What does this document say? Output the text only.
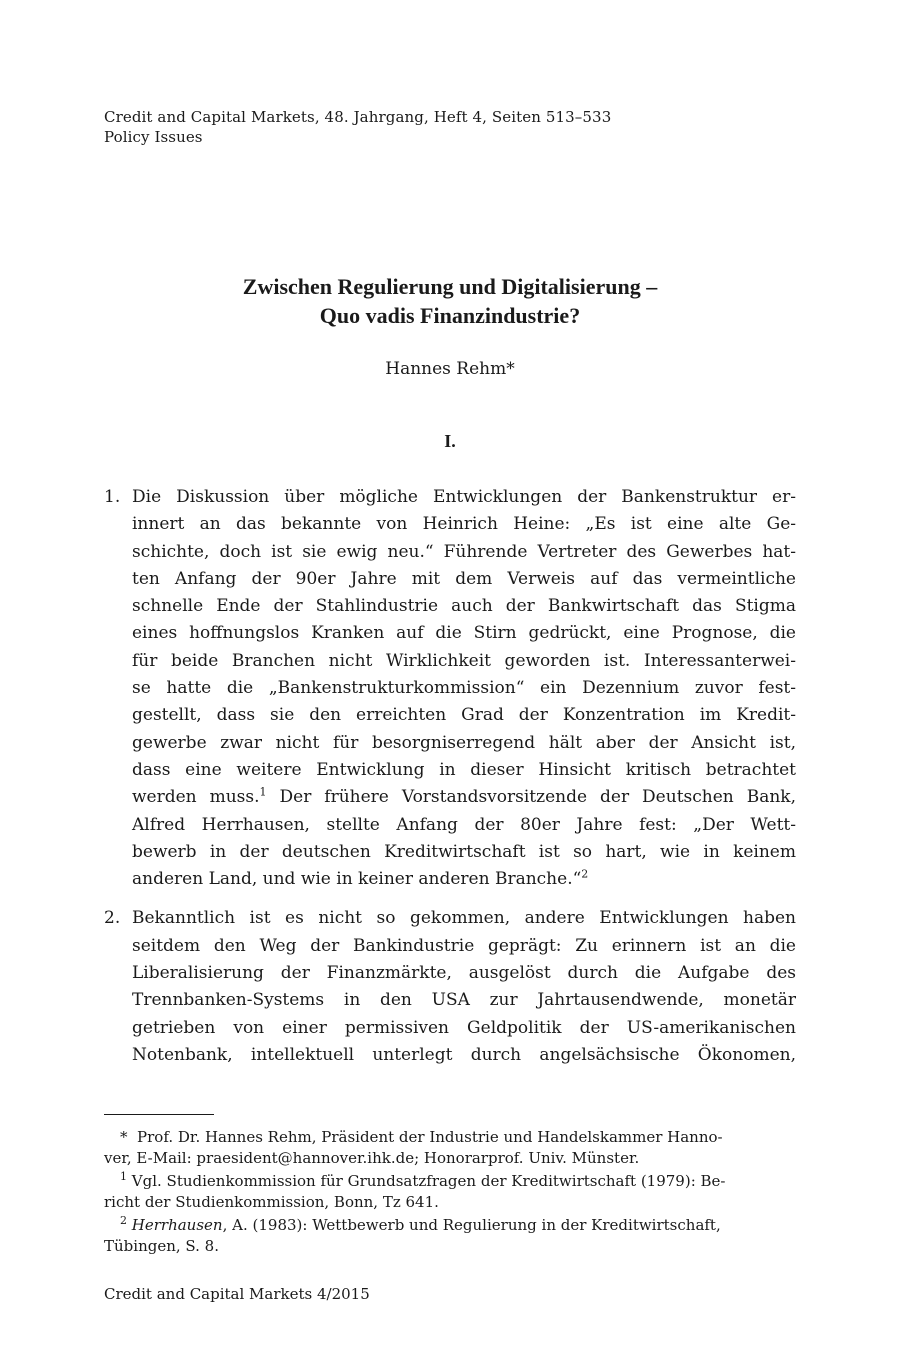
Credit and Capital Markets, 48. Jahrgang, Heft 4, Seiten 513–533
Policy Issues
Zwischen Regulierung und Digitalisierung –
Quo vadis Finanzindustrie?
Hannes Rehm*
I.
1. Die Diskussion über mögliche Entwicklungen der Bankenstruktur er-
innert an das bekannte von Heinrich Heine: „Es ist eine alte Ge-
schichte, doch ist sie ewig neu.“ Führende Vertreter des Gewerbes hat-
ten Anfang der 90er Jahre mit dem Verweis auf das vermeintliche
schnelle Ende der Stahlindustrie auch der Bankwirtschaft das Stigma
eines hoffnungslos Kranken auf die Stirn gedrückt, eine Prognose, die
für beide Branchen nicht Wirklichkeit geworden ist. Interessanterwei-
se hatte die „Bankenstrukturkommission“ ein Dezennium zuvor fest-
gestellt, dass sie den erreichten Grad der Konzentration im Kredit-
gewerbe zwar nicht für besorgniserregend hält aber der Ansicht ist,
dass eine weitere Entwicklung in dieser Hinsicht kritisch betrachtet
werden muss.$^1$ Der frühere Vorstandsvorsitzende der Deutschen Bank,
Alfred Herrhausen, stellte Anfang der 80er Jahre fest: „Der Wett-
bewerb in der deutschen Kreditwirtschaft ist so hart, wie in keinem
anderen Land, und wie in keiner anderen Branche.“$^2$
2. Bekanntlich ist es nicht so gekommen, andere Entwicklungen haben
seitdem den Weg der Bankindustrie geprägt: Zu erinnern ist an die
Liberalisierung der Finanzmärkte, ausgelöst durch die Aufgabe des
Trennbanken-Systems in den USA zur Jahrtausendwende, monetär
getrieben von einer permissiven Geldpolitik der US-amerikanischen
Notenbank, intellektuell unterlegt durch angelsächsische Ökonomen,
* Prof. Dr. Hannes Rehm, Präsident der Industrie und Handelskammer Hanno-
ver, E-Mail: praesident@hannover.ihk.de; Honorarprof. Univ. Münster.
$^1$ Vgl. Studienkommission für Grundsatzfragen der Kreditwirtschaft (1979): Be-
richt der Studienkommission, Bonn, Tz 641.
$^2$ Herrhausen, A. (1983): Wettbewerb und Regulierung in der Kreditwirtschaft,
Tübingen, S. 8.
Credit and Capital Markets 4/2015
